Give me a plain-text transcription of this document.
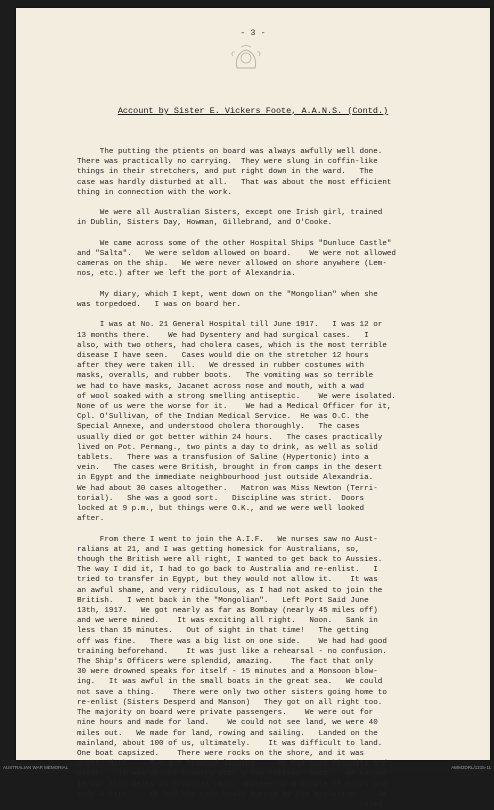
- 3 -
Account by Sister E. Vickers Foote, A.A.N.S. (Contd.)
The putting the ptients on board was always awfully well done.
There was practically no carrying.  They were slung in coffin-like
things in their stretchers, and put right down in the ward.   The
case was hardly disturbed at all.   That was about the most efficient
thing in connection with the work.
We were all Australian Sisters, except one Irish girl, trained
in Dublin, Sisters Day, Howman, Gillebrand, and O'Cooke.
We came across some of the other Hospital Ships "Dunluce Castle"
and "Salta".   We were seldom allowed on board.    We were not allowed
cameras on the ship.   We were never allowed on shore anywhere (Lem-
nos, etc.) after we left the port of Alexandria.
My diary, which I kept, went down on the "Mongolian" when she
was torpedoed.   I was on board her.
I was at No. 21 General Hospital till June 1917.   I was 12 or
13 months there.    We had Dysentery and had surgical cases.   I
also, with two others, had cholera cases, which is the most terrible
disease I have seen.   Cases would die on the stretcher 12 hours
after they were taken ill.   We dressed in rubber costumes with
masks, overalls, and rubber boots.   The vomiting was so terrible
we had to have masks, Jacanet across nose and mouth, with a wad
of wool soaked with a strong smelling antiseptic.    We were isolated.
None of us were the worse for it.    We had a Medical Officer for it,
Cpl. O'Sullivan, of the Indian Medical Service.  He was O.C. the
Special Annexe, and understood cholera thoroughly.   The cases
usually died or got better within 24 hours.   The cases practically
lived on Pot. Permang., two pints a day to drink, as well as solid
tablets.   There was a transfusion of Saline (Hypertonic) into a
vein.   The cases were British, brought in from camps in the desert
in Egypt and the immediate neighbourhood just outside Alexandria.
We had about 30 cases altogether.   Matron was Miss Newton (Terri-
torial).   She was a good sort.   Discipline was strict.  Doors
locked at 9 p.m., but things were O.K., and we were well looked
after.
From there I went to join the A.I.F.   We nurses saw no Aust-
ralians at 21, and I was getting homesick for Australians, so,
though the British were all right, I wanted to get back to Aussies.
The way I did it, I had to go back to Australia and re-enlist.   I
tried to transfer in Egypt, but they would not allow it.    It was
an awful shame, and very ridiculous, as I had not asked to join the
British.   I went back in the "Mongolian".   Left Port Said June
13th, 1917.   We got nearly as far as Bombay (nearly 45 miles off)
and we were mined.    It was exciting all right.   Noon.   Sank in
less than 15 minutes.   Out of sight in that time!   The getting
off was fine.   There was a big list on one side.    We had had good
training beforehand.    It was just like a rehearsal - no confusion.
The Ship's Officers were splendid, amazing.    The fact that only
30 were drowned speaks for itself - 15 minutes and a Monsoon blow-
ing.   It was awful in the small boats in the great sea.   We could
not save a thing.    There were only two other sisters going home to
re-enlist (Sisters Desperd and Manson)   They got on all right too.
The majority on board were private passengers.    We were out for
nine hours and made for land.    We could not see land, we were 40
miles out.   We made for land, rowing and sailing.   Landed on the
mainland, about 100 of us, ultimately.    It was difficult to land.
One boat capsized.    There were rocks on the shore, and it was
pretty dark.    Two got drowned landing.    We had some biscuits and
water.   It was desert country with a few natives' huts.   We camped
in our life belts in tropical rain, smashed up a couple of boats and
made a fire.    We had one case badly burned by the explosion.    He
died.
AUSTRALIAN WAR MEMORIAL	AWM2DRL/1215-11
